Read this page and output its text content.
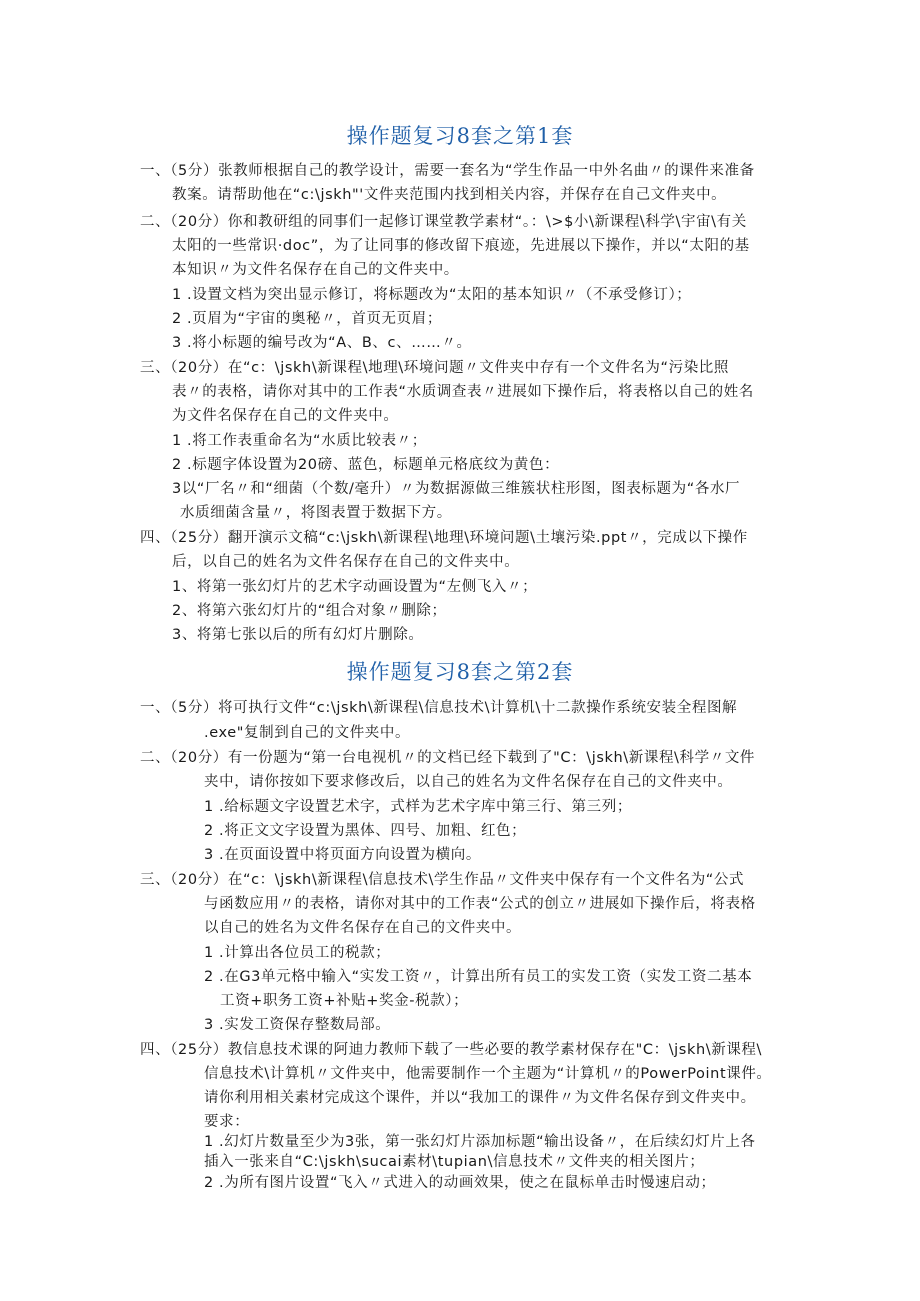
操作题复习8套之第1套
一、（5分）张教师根据自己的教学设计，需要一套名为“学生作品一中外名曲〃的课件来准备
教案。请帮助他在“c:\jskh"'文件夹范围内找到相关内容，并保存在自己文件夹中。
二、（20分）你和教研组的同事们一起修订课堂教学素材“。：\>$小\新课程\科学\宇宙\有关
太阳的一些常识·doc”，为了让同事的修改留下痕迹，先进展以下操作，并以“太阳的基
本知识〃为文件名保存在自己的文件夹中。
1 .设置文档为突出显示修订，将标题改为“太阳的基本知识〃（不承受修订）；
2 .页眉为“宇宙的奥秘〃，首页无页眉；
3 .将小标题的编号改为“A、B、c、……〃。
三、（20分）在“c：\jskh\新课程\地理\环境问题〃文件夹中存有一个文件名为“污染比照
表〃的表格，请你对其中的工作表“水质调查表〃进展如下操作后，将表格以自己的姓名
为文件名保存在自己的文件夹中。
1 .将工作表重命名为“水质比较表〃；
2 .标题字体设置为20磅、蓝色，标题单元格底纹为黄色：
3以“厂名〃和“细菌（个数/毫升）〃为数据源做三维簇状柱形图，图表标题为“各水厂
水质细菌含量〃，将图表置于数据下方。
四、（25分）翻开演示文稿“c:\jskh\新课程\地理\环境问题\土壤污染.ppt〃，完成以下操作
后，以自己的姓名为文件名保存在自己的文件夹中。
1、将第一张幻灯片的艺术字动画设置为“左侧飞入〃；
2、将第六张幻灯片的“组合对象〃删除；
3、将第七张以后的所有幻灯片删除。
操作题复习8套之第2套
一、（5分）将可执行文件“c:\jskh\新课程\信息技术\计算机\十二款操作系统安装全程图解
.exe"复制到自己的文件夹中。
二、（20分）有一份题为“第一台电视机〃的文档已经下载到了"C：\jskh\新课程\科学〃文件
夹中，请你按如下要求修改后，以自己的姓名为文件名保存在自己的文件夹中。
1 .给标题文字设置艺术字，式样为艺术字库中第三行、第三列；
2 .将正文文字设置为黑体、四号、加粗、红色；
3 .在页面设置中将页面方向设置为横向。
三、（20分）在“c：\jskh\新课程\信息技术\学生作品〃文件夹中保存有一个文件名为“公式
与函数应用〃的表格，请你对其中的工作表“公式的创立〃进展如下操作后，将表格
以自己的姓名为文件名保存在自己的文件夹中。
1 .计算出各位员工的税款；
2 .在G3单元格中输入“实发工资〃，计算出所有员工的实发工资（实发工资二基本
工资+职务工资+补贴+奖金-税款）；
3 .实发工资保存整数局部。
四、（25分）教信息技术课的阿迪力教师下载了一些必要的教学素材保存在"C：\jskh\新课程\
信息技术\计算机〃文件夹中，他需要制作一个主题为“计算机〃的PowerPoint课件。
请你利用相关素材完成这个课件，并以“我加工的课件〃为文件名保存到文件夹中。
要求：
1 .幻灯片数量至少为3张，第一张幻灯片添加标题“输出设备〃，在后续幻灯片上各
插入一张来自“C:\jskh\sucai素材\tupian\信息技术〃文件夹的相关图片；
2 .为所有图片设置“飞入〃式进入的动画效果，使之在鼠标单击时慢速启动；
